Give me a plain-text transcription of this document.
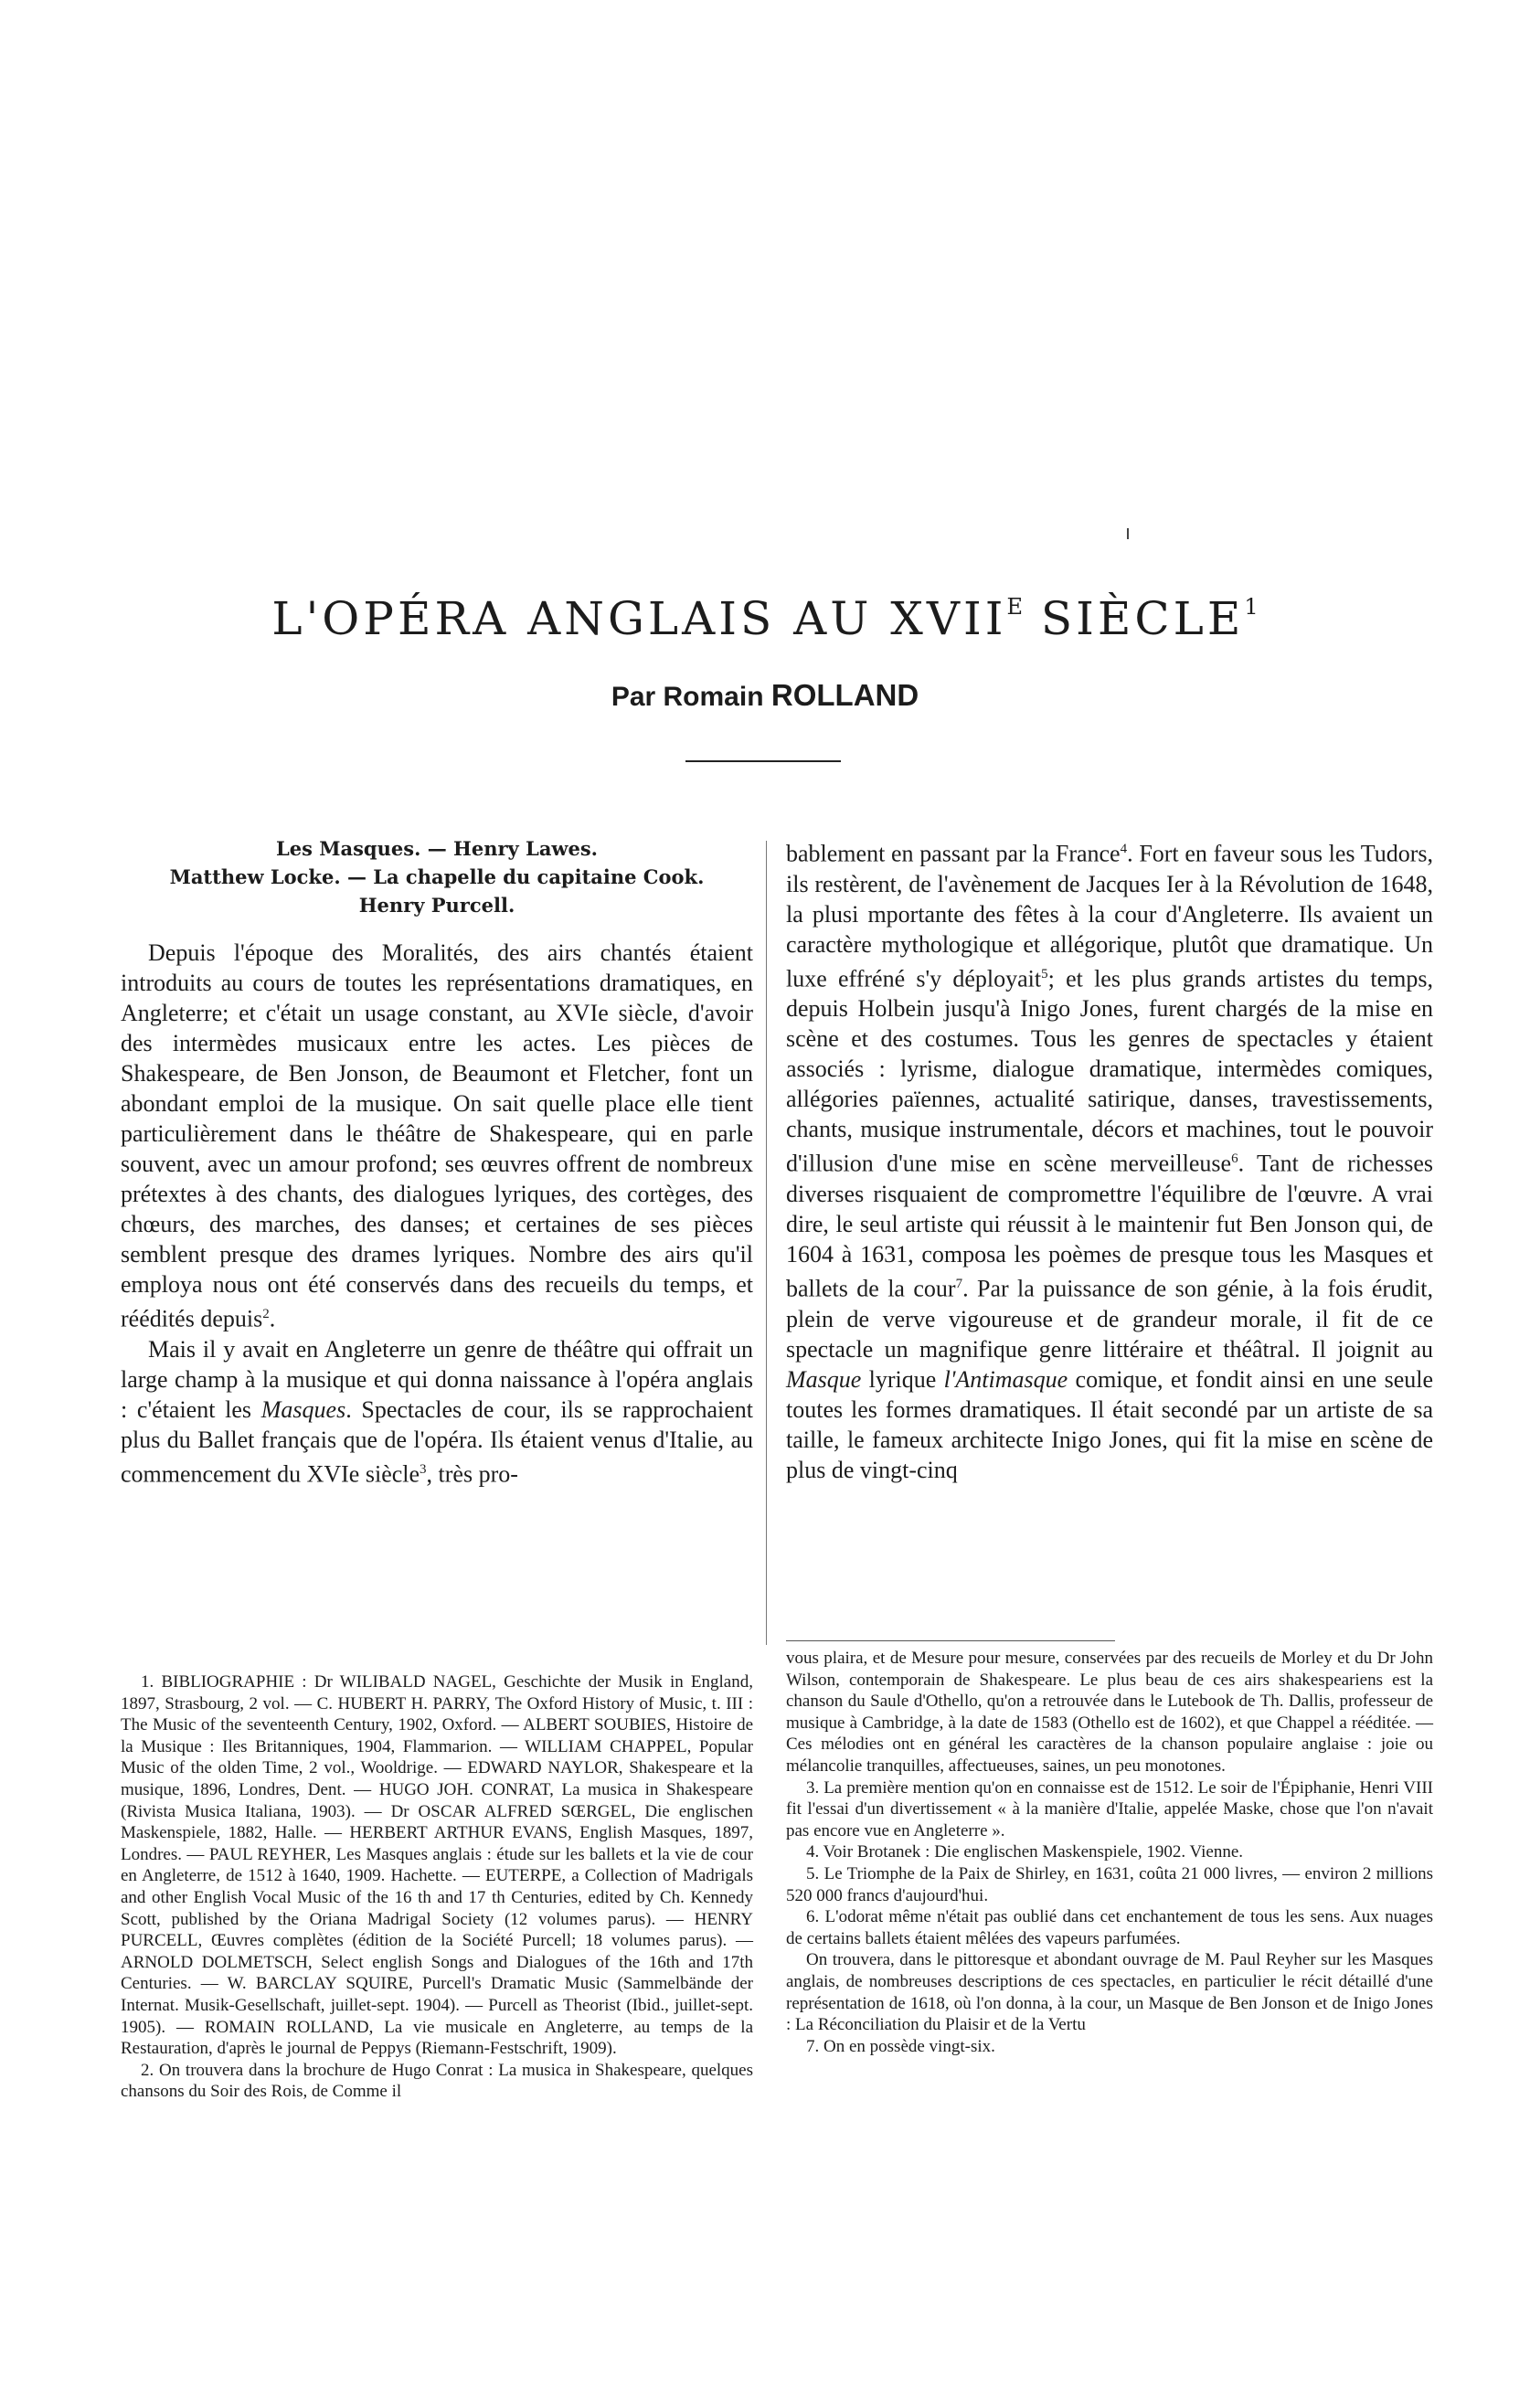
L'OPÉRA ANGLAIS AU $XVII^E$ SIÈCLE$^1$

Par Romain ROLLAND

Les Masques. — Henry Lawes.
Matthew Locke. — La chapelle du capitaine Cook.
Henry Purcell.

Depuis l'époque des Moralités, des airs chantés étaient introduits au cours de toutes les représentations dramatiques, en Angleterre; et c'était un usage constant, au XVIe siècle, d'avoir des intermèdes musicaux entre les actes. Les pièces de Shakespeare, de Ben Jonson, de Beaumont et Fletcher, font un abondant emploi de la musique. On sait quelle place elle tient particulièrement dans le théâtre de Shakespeare, qui en parle souvent, avec un amour profond; ses œuvres offrent de nombreux prétextes à des chants, des dialogues lyriques, des cortèges, des chœurs, des marches, des danses; et certaines de ses pièces semblent presque des drames lyriques. Nombre des airs qu'il employa nous ont été conservés dans des recueils du temps, et réédités depuis$^2$.

Mais il y avait en Angleterre un genre de théâtre qui offrait un large champ à la musique et qui donna naissance à l'opéra anglais : c'étaient les Masques. Spectacles de cour, ils se rapprochaient plus du Ballet français que de l'opéra. Ils étaient venus d'Italie, au commencement du XVIe siècle$^3$, très pro-

bablement en passant par la France$^4$. Fort en faveur sous les Tudors, ils restèrent, de l'avènement de Jacques Ier à la Révolution de 1648, la plusi mportante des fêtes à la cour d'Angleterre. Ils avaient un caractère mythologique et allégorique, plutôt que dramatique. Un luxe effréné s'y déployait$^5$; et les plus grands artistes du temps, depuis Holbein jusqu'à Inigo Jones, furent chargés de la mise en scène et des costumes. Tous les genres de spectacles y étaient associés : lyrisme, dialogue dramatique, intermèdes comiques, allégories païennes, actualité satirique, danses, travestissements, chants, musique instrumentale, décors et machines, tout le pouvoir d'illusion d'une mise en scène merveilleuse$^6$. Tant de richesses diverses risquaient de compromettre l'équilibre de l'œuvre. A vrai dire, le seul artiste qui réussit à le maintenir fut Ben Jonson qui, de 1604 à 1631, composa les poèmes de presque tous les Masques et ballets de la cour$^7$. Par la puissance de son génie, à la fois érudit, plein de verve vigoureuse et de grandeur morale, il fit de ce spectacle un magnifique genre littéraire et théâtral. Il joignit au Masque lyrique l'Antimasque comique, et fondit ainsi en une seule toutes les formes dramatiques. Il était secondé par un artiste de sa taille, le fameux architecte Inigo Jones, qui fit la mise en scène de plus de vingt-cinq

1. BIBLIOGRAPHIE : Dr WILIBALD NAGEL, Geschichte der Musik in England, 1897, Strasbourg, 2 vol. — C. HUBERT H. PARRY, The Oxford History of Music, t. III : The Music of the seventeenth Century, 1902, Oxford. — ALBERT SOUBIES, Histoire de la Musique : Iles Britanniques, 1904, Flammarion. — WILLIAM CHAPPEL, Popular Music of the olden Time, 2 vol., Wooldrige. — EDWARD NAYLOR, Shakespeare et la musique, 1896, Londres, Dent. — HUGO JOH. CONRAT, La musica in Shakespeare (Rivista Musica Italiana, 1903). — Dr OSCAR ALFRED SŒRGEL, Die englischen Maskenspiele, 1882, Halle. — HERBERT ARTHUR EVANS, English Masques, 1897, Londres. — PAUL REYHER, Les Masques anglais : étude sur les ballets et la vie de cour en Angleterre, de 1512 à 1640, 1909. Hachette. — EUTERPE, a Collection of Madrigals and other English Vocal Music of the 16 th and 17 th Centuries, edited by Ch. Kennedy Scott, published by the Oriana Madrigal Society (12 volumes parus). — HENRY PURCELL, Œuvres complètes (édition de la Société Purcell; 18 volumes parus). — ARNOLD DOLMETSCH, Select english Songs and Dialogues of the 16th and 17th Centuries. — W. BARCLAY SQUIRE, Purcell's Dramatic Music (Sammelbände der Internat. Musik-Gesellschaft, juillet-sept. 1904). — Purcell as Theorist (Ibid., juillet-sept. 1905). — ROMAIN ROLLAND, La vie musicale en Angleterre, au temps de la Restauration, d'après le journal de Peppys (Riemann-Festschrift, 1909).

2. On trouvera dans la brochure de Hugo Conrat : La musica in Shakespeare, quelques chansons du Soir des Rois, de Comme il

vous plaira, et de Mesure pour mesure, conservées par des recueils de Morley et du Dr John Wilson, contemporain de Shakespeare. Le plus beau de ces airs shakespeariens est la chanson du Saule d'Othello, qu'on a retrouvée dans le Lutebook de Th. Dallis, professeur de musique à Cambridge, à la date de 1583 (Othello est de 1602), et que Chappel a rééditée. — Ces mélodies ont en général les caractères de la chanson populaire anglaise : joie ou mélancolie tranquilles, affectueuses, saines, un peu monotones.

3. La première mention qu'on en connaisse est de 1512. Le soir de l'Épiphanie, Henri VIII fit l'essai d'un divertissement « à la manière d'Italie, appelée Maske, chose que l'on n'avait pas encore vue en Angleterre ».

4. Voir Brotanek : Die englischen Maskenspiele, 1902. Vienne.

5. Le Triomphe de la Paix de Shirley, en 1631, coûta 21 000 livres, — environ 2 millions 520 000 francs d'aujourd'hui.

6. L'odorat même n'était pas oublié dans cet enchantement de tous les sens. Aux nuages de certains ballets étaient mêlées des vapeurs parfumées.

On trouvera, dans le pittoresque et abondant ouvrage de M. Paul Reyher sur les Masques anglais, de nombreuses descriptions de ces spectacles, en particulier le récit détaillé d'une représentation de 1618, où l'on donna, à la cour, un Masque de Ben Jonson et de Inigo Jones : La Réconciliation du Plaisir et de la Vertu

7. On en possède vingt-six.
